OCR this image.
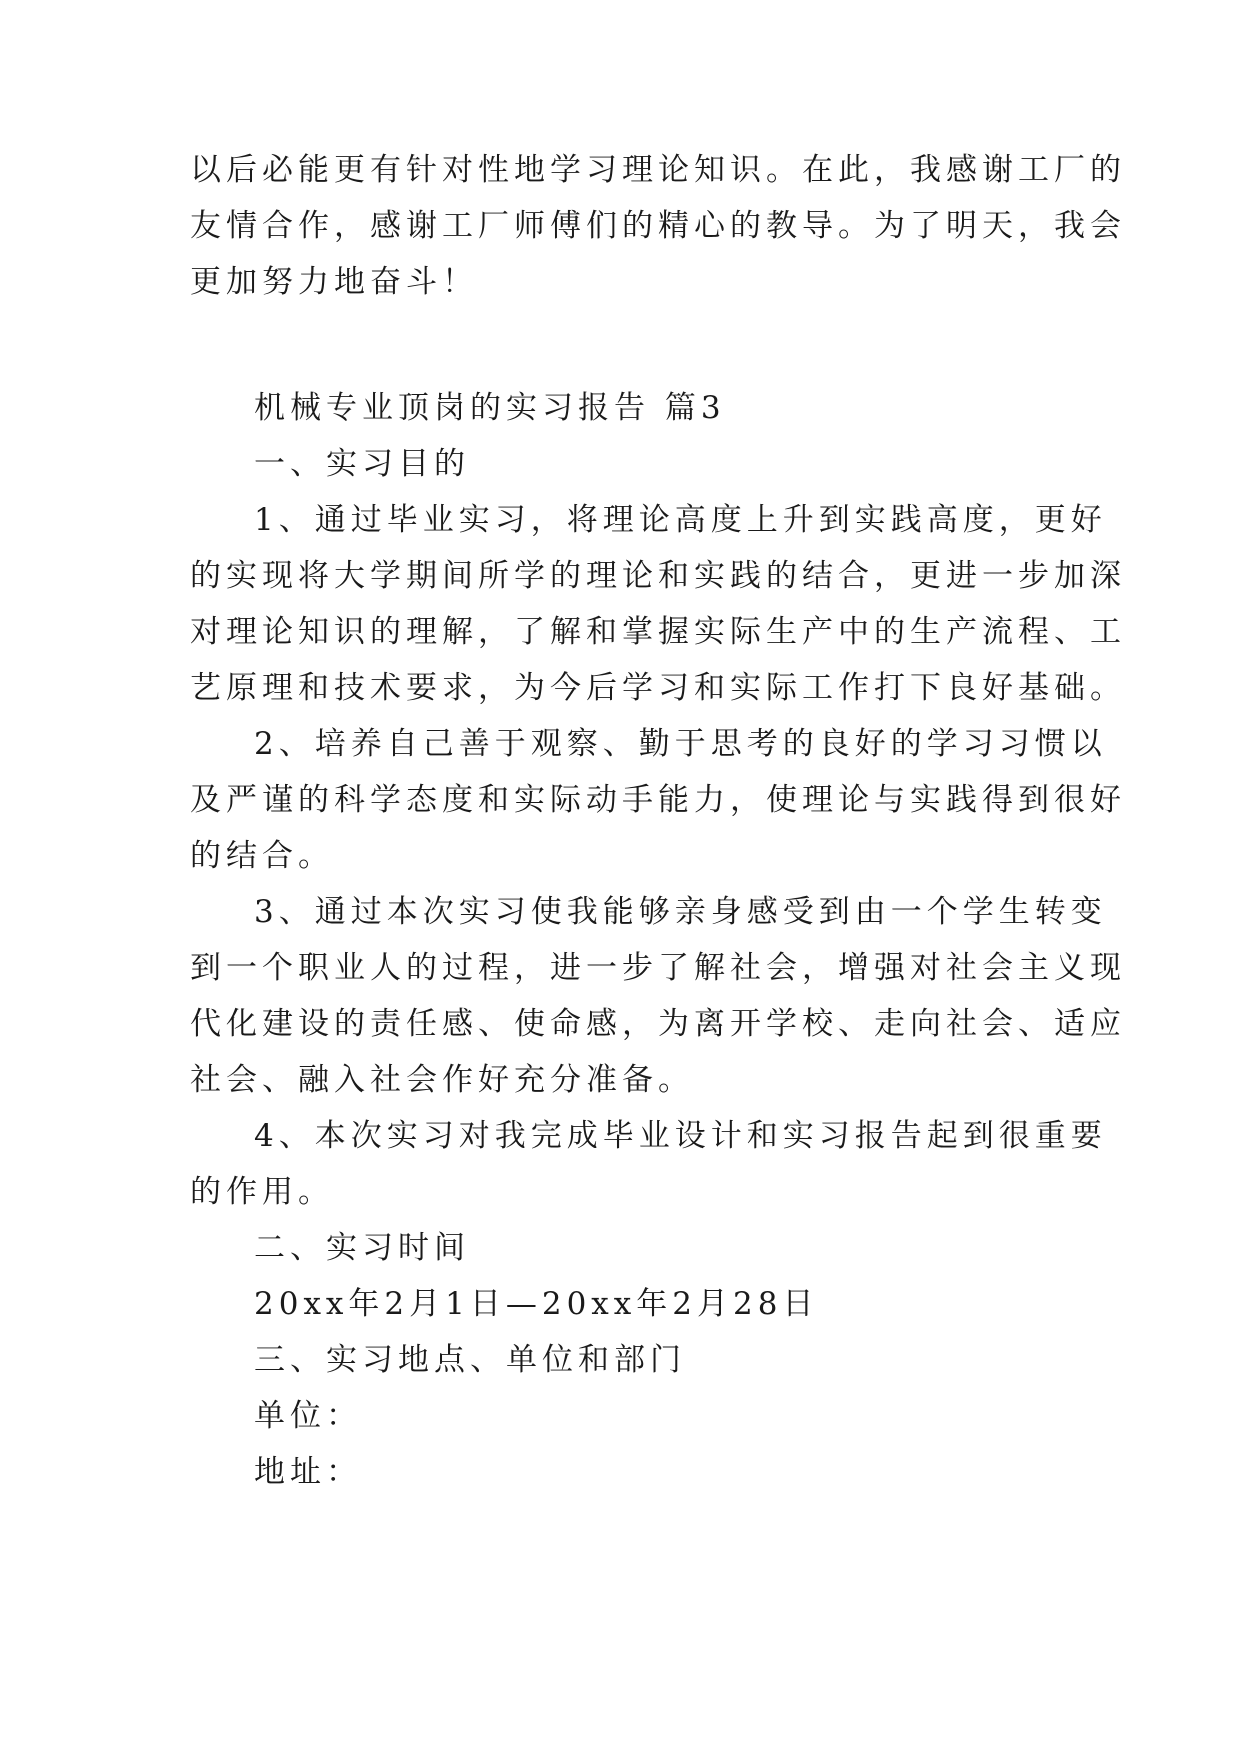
以后必能更有针对性地学习理论知识。在此，我感谢工厂的
友情合作，感谢工厂师傅们的精心的教导。为了明天，我会
更加努力地奋斗！
机械专业顶岗的实习报告 篇3
一、实习目的
1、通过毕业实习，将理论高度上升到实践高度，更好
的实现将大学期间所学的理论和实践的结合，更进一步加深
对理论知识的理解，了解和掌握实际生产中的生产流程、工
艺原理和技术要求，为今后学习和实际工作打下良好基础。
2、培养自己善于观察、勤于思考的良好的学习习惯以
及严谨的科学态度和实际动手能力，使理论与实践得到很好
的结合。
3、通过本次实习使我能够亲身感受到由一个学生转变
到一个职业人的过程，进一步了解社会，增强对社会主义现
代化建设的责任感、使命感，为离开学校、走向社会、适应
社会、融入社会作好充分准备。
4、本次实习对我完成毕业设计和实习报告起到很重要
的作用。
二、实习时间
20xx年2月1日—20xx年2月28日
三、实习地点、单位和部门
单位：
地址：
